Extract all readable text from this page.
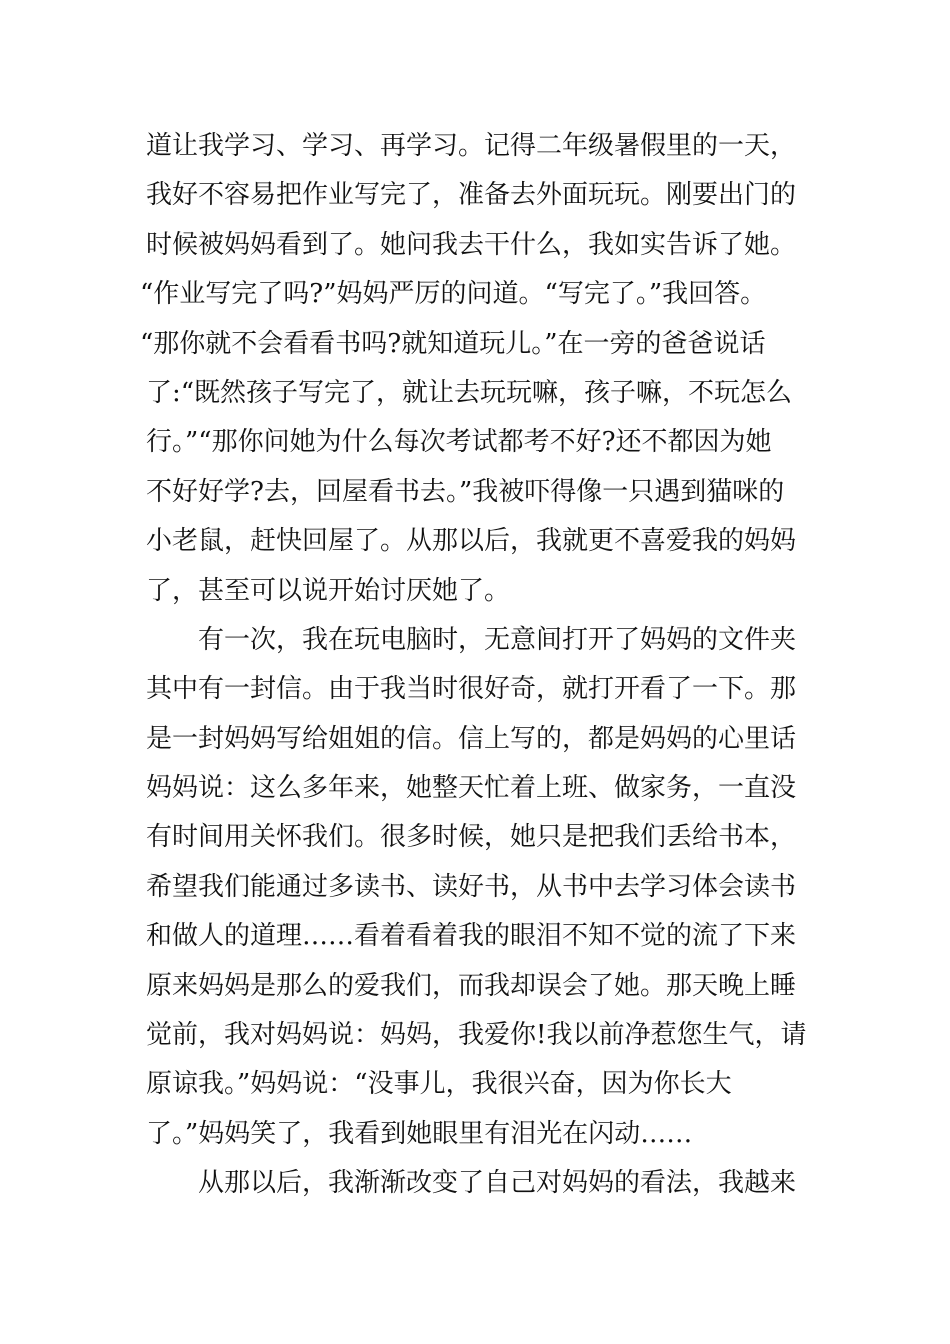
道让我学习、学习、再学习。记得二年级暑假里的一天，
我好不容易把作业写完了，准备去外面玩玩。刚要出门的
时候被妈妈看到了。她问我去干什么，我如实告诉了她。
“作业写完了吗?”妈妈严厉的问道。“写完了。”我回答。
“那你就不会看看书吗?就知道玩儿。”在一旁的爸爸说话
了:“既然孩子写完了，就让去玩玩嘛，孩子嘛，不玩怎么
行。”“那你问她为什么每次考试都考不好?还不都因为她
不好好学?去，回屋看书去。”我被吓得像一只遇到猫咪的
小老鼠，赶快回屋了。从那以后，我就更不喜爱我的妈妈
了，甚至可以说开始讨厌她了。
有一次，我在玩电脑时，无意间打开了妈妈的文件夹
其中有一封信。由于我当时很好奇，就打开看了一下。那
是一封妈妈写给姐姐的信。信上写的，都是妈妈的心里话
妈妈说：这么多年来，她整天忙着上班、做家务，一直没
有时间用关怀我们。很多时候，她只是把我们丢给书本，
希望我们能通过多读书、读好书，从书中去学习体会读书
和做人的道理……看着看着我的眼泪不知不觉的流了下来
原来妈妈是那么的爱我们，而我却误会了她。那天晚上睡
觉前，我对妈妈说：妈妈，我爱你!我以前净惹您生气，请
原谅我。”妈妈说：“没事儿，我很兴奋，因为你长大
了。”妈妈笑了，我看到她眼里有泪光在闪动……
从那以后，我渐渐改变了自己对妈妈的看法，我越来
